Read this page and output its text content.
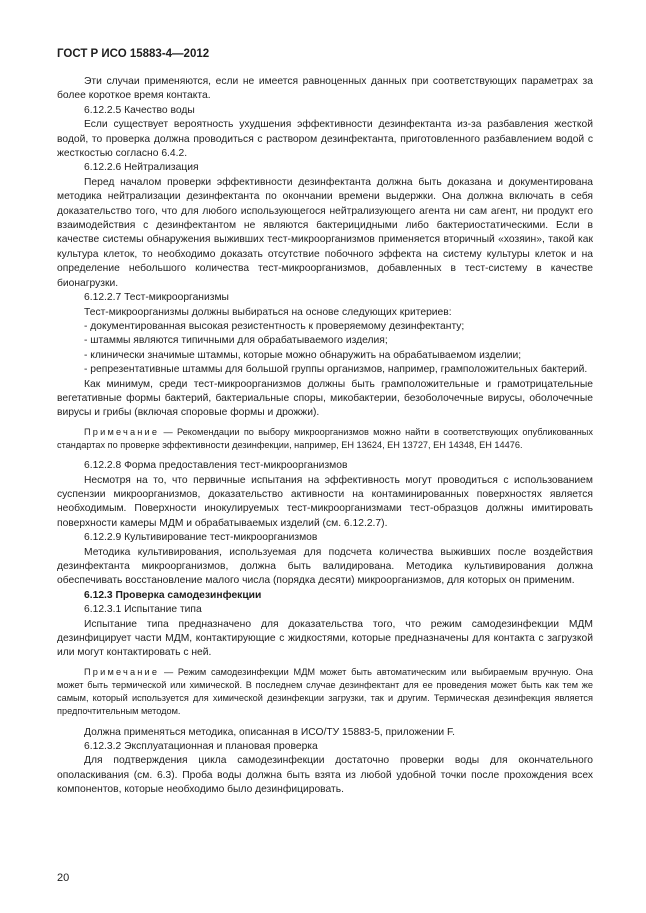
ГОСТ Р ИСО 15883-4—2012

Эти случаи применяются, если не имеется равноценных данных при соответствующих параметрах за более короткое время контакта.

6.12.2.5 Качество воды

Если существует вероятность ухудшения эффективности дезинфектанта из-за разбавления жесткой водой, то проверка должна проводиться с раствором дезинфектанта, приготовленного разбавлением водой с жесткостью согласно 6.4.2.

6.12.2.6 Нейтрализация

Перед началом проверки эффективности дезинфектанта должна быть доказана и документирована методика нейтрализации дезинфектанта по окончании времени выдержки. Она должна включать в себя доказательство того, что для любого использующегося нейтрализующего агента ни сам агент, ни продукт его взаимодействия с дезинфектантом не являются бактерицидными либо бактериостатическими. Если в качестве системы обнаружения выживших тест-микроорганизмов применяется вторичный «хозяин», такой как культура клеток, то необходимо доказать отсутствие побочного эффекта на систему культуры клеток и на определение небольшого количества тест-микроорганизмов, добавленных в тест-систему в качестве бионагрузки.

6.12.2.7 Тест-микроорганизмы

Тест-микроорганизмы должны выбираться на основе следующих критериев:

- документированная высокая резистентность к проверяемому дезинфектанту;

- штаммы являются типичными для обрабатываемого изделия;

- клинически значимые штаммы, которые можно обнаружить на обрабатываемом изделии;

- репрезентативные штаммы для большой группы организмов, например, грамположительных бактерий.

Как минимум, среди тест-микроорганизмов должны быть грамположительные и грамотрицательные вегетативные формы бактерий, бактериальные споры, микобактерии, безоболочечные вирусы, оболочечные вирусы и грибы (включая споровые формы и дрожжи).

Примечание — Рекомендации по выбору микроорганизмов можно найти в соответствующих опубликованных стандартах по проверке эффективности дезинфекции, например, ЕН 13624, ЕН 13727, ЕН 14348, ЕН 14476.

6.12.2.8 Форма предоставления тест-микроорганизмов

Несмотря на то, что первичные испытания на эффективность могут проводиться с использованием суспензии микроорганизмов, доказательство активности на контаминированных поверхностях является необходимым. Поверхности инокулируемых тест-микроорганизмами тест-образцов должны имитировать поверхности камеры МДМ и обрабатываемых изделий (см. 6.12.2.7).

6.12.2.9 Культивирование тест-микроорганизмов

Методика культивирования, используемая для подсчета количества выживших после воздействия дезинфектанта микроорганизмов, должна быть валидирована. Методика культивирования должна обеспечивать восстановление малого числа (порядка десяти) микроорганизмов, для которых он применим.

6.12.3 Проверка самодезинфекции

6.12.3.1 Испытание типа

Испытание типа предназначено для доказательства того, что режим самодезинфекции МДМ дезинфицирует части МДМ, контактирующие с жидкостями, которые предназначены для контакта с загрузкой или могут контактировать с ней.

Примечание — Режим самодезинфекции МДМ может быть автоматическим или выбираемым вручную. Она может быть термической или химической. В последнем случае дезинфектант для ее проведения может быть как тем же самым, который используется для химической дезинфекции загрузки, так и другим. Термическая дезинфекция является предпочтительным методом.

Должна применяться методика, описанная в ИСО/ТУ 15883-5, приложении F.

6.12.3.2 Эксплуатационная и плановая проверка

Для подтверждения цикла самодезинфекции достаточно проверки воды для окончательного ополаскивания (см. 6.3). Проба воды должна быть взята из любой удобной точки после прохождения всех компонентов, которые необходимо было дезинфицировать.

20
